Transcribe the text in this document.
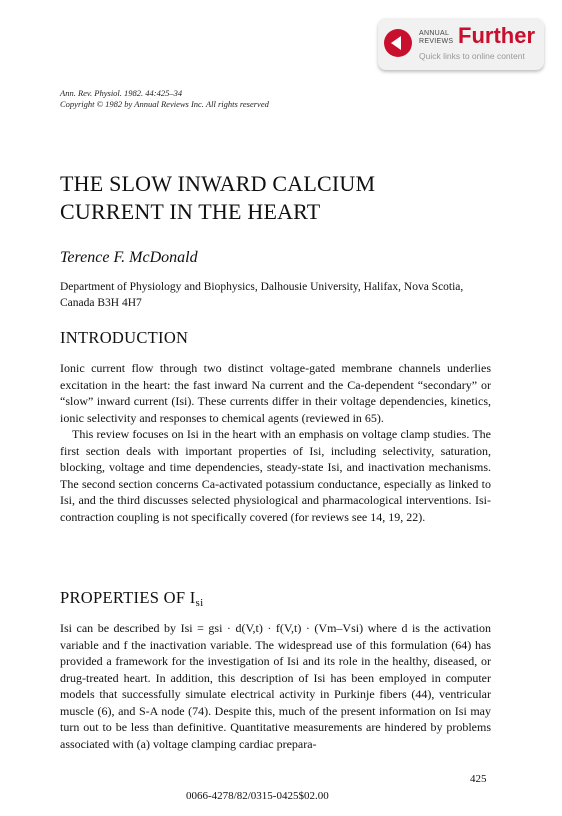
ANNUAL
REVIEWS Further
Quick links to online content
Ann. Rev. Physiol. 1982. 44:425–34
Copyright © 1982 by Annual Reviews Inc. All rights reserved
THE SLOW INWARD CALCIUM
CURRENT IN THE HEART
Terence F. McDonald
Department of Physiology and Biophysics, Dalhousie University, Halifax, Nova Scotia, Canada B3H 4H7
INTRODUCTION

Ionic current flow through two distinct voltage-gated membrane channels underlies excitation in the heart: the fast inward Na current and the Ca-dependent “secondary” or “slow” inward current (Isi). These currents differ in their voltage dependencies, kinetics, ionic selectivity and responses to chemical agents (reviewed in 65).

This review focuses on Isi in the heart with an emphasis on voltage clamp studies. The first section deals with important properties of Isi, including selectivity, saturation, blocking, voltage and time dependencies, steady-state Isi, and inactivation mechanisms. The second section concerns Ca-activated potassium conductance, especially as linked to Isi, and the third discusses selected physiological and pharmacological interventions. Isi-contraction coupling is not specifically covered (for reviews see 14, 19, 22).

PROPERTIES OF $I_{si}$

Isi can be described by Isi = gsi · d(V,t) · f(V,t) · (Vm–Vsi) where d is the activation variable and f the inactivation variable. The widespread use of this formulation (64) has provided a framework for the investigation of Isi and its role in the healthy, diseased, or drug-treated heart. In addition, this description of Isi has been employed in computer models that successfully simulate electrical activity in Purkinje fibers (44), ventricular muscle (6), and S-A node (74). Despite this, much of the present information on Isi may turn out to be less than definitive. Quantitative measurements are hindered by problems associated with (a) voltage clamping cardiac prepara-

425
0066-4278/82/0315-0425$02.00
